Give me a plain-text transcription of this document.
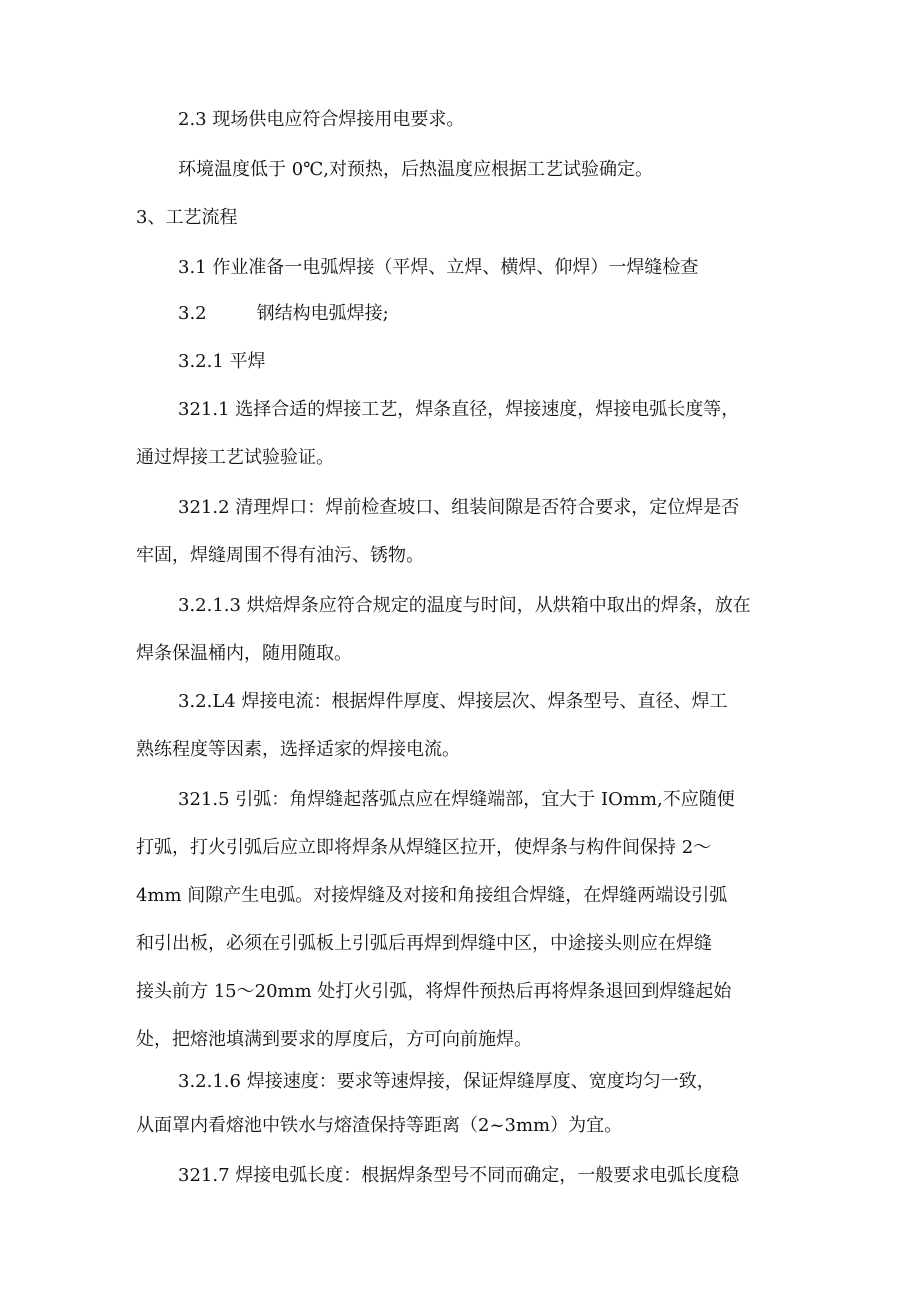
2.3 现场供电应符合焊接用电要求。
环境温度低于 0℃,对预热，后热温度应根据工艺试验确定。
3、工艺流程
3.1 作业准备一电弧焊接（平焊、立焊、横焊、仰焊）一焊缝检查
3.2	钢结构电弧焊接;
3.2.1 平焊
321.1 选择合适的焊接工艺，焊条直径，焊接速度，焊接电弧长度等，
通过焊接工艺试验验证。
321.2 清理焊口：焊前检查坡口、组装间隙是否符合要求，定位焊是否
牢固，焊缝周围不得有油污、锈物。
3.2.1.3 烘焙焊条应符合规定的温度与时间，从烘箱中取出的焊条，放在
焊条保温桶内，随用随取。
3.2.L4 焊接电流：根据焊件厚度、焊接层次、焊条型号、直径、焊工
熟练程度等因素，选择适家的焊接电流。
321.5 引弧：角焊缝起落弧点应在焊缝端部，宜大于 IOmm,不应随便
打弧，打火引弧后应立即将焊条从焊缝区拉开，使焊条与构件间保持 2～
4mm 间隙产生电弧。对接焊缝及对接和角接组合焊缝，在焊缝两端设引弧
和引出板，必须在引弧板上引弧后再焊到焊缝中区，中途接头则应在焊缝
接头前方 15～20mm 处打火引弧，将焊件预热后再将焊条退回到焊缝起始
处，把熔池填满到要求的厚度后，方可向前施焊。
3.2.1.6 焊接速度：要求等速焊接，保证焊缝厚度、宽度均匀一致，
从面罩内看熔池中铁水与熔渣保持等距离（2~3mm）为宜。
321.7 焊接电弧长度：根据焊条型号不同而确定，一般要求电弧长度稳
